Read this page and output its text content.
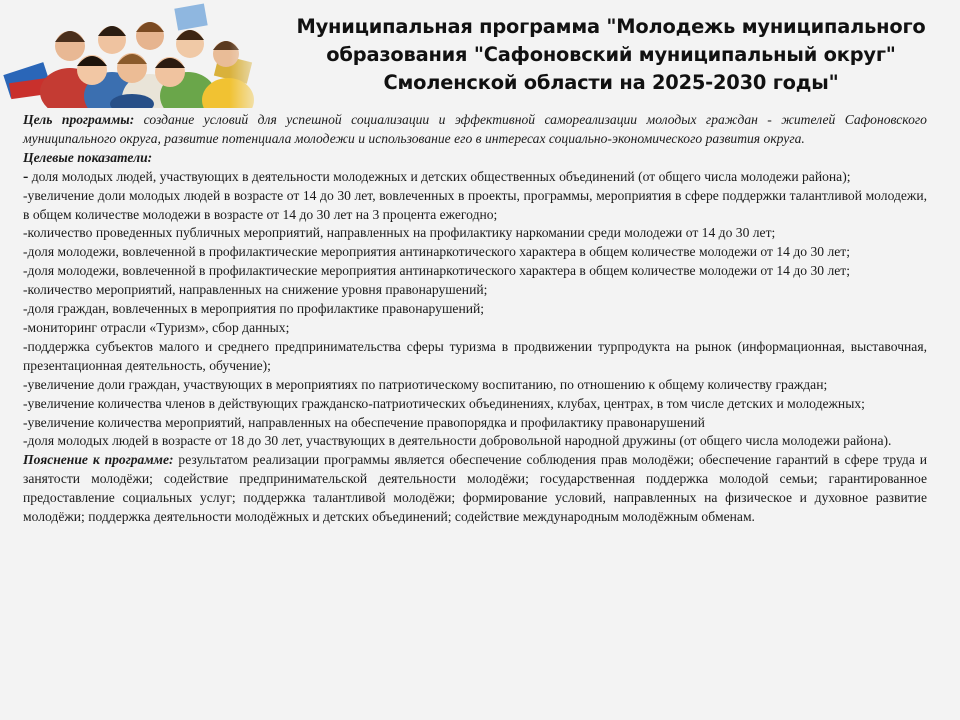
Муниципальная программа "Молодежь муниципального
образования "Сафоновский муниципальный округ"
Смоленской области на 2025-2030 годы"

Цель программы: создание условий для успешной социализации и эффективной самореализации молодых граждан - жителей Сафоновского муниципального округа, развитие потенциала молодежи и использование его в интересах социально-экономического развития округа.

Целевые показатели:

- доля молодых людей, участвующих в деятельности молодежных и детских общественных объединений (от общего числа молодежи района);

-увеличение доли молодых людей в возрасте от 14 до 30 лет, вовлеченных в проекты, программы, мероприятия в сфере поддержки талантливой молодежи, в общем количестве молодежи в возрасте от 14 до 30 лет на 3 процента ежегодно;

-количество проведенных публичных мероприятий, направленных на профилактику наркомании среди молодежи от 14 до 30 лет;

-доля молодежи, вовлеченной в профилактические мероприятия антинаркотического характера в общем количестве молодежи от 14 до 30 лет;

-доля молодежи, вовлеченной в профилактические мероприятия антинаркотического характера в общем количестве молодежи от 14 до 30 лет;

-количество мероприятий, направленных на снижение уровня правонарушений;

-доля граждан, вовлеченных в мероприятия по профилактике правонарушений;

-мониторинг отрасли «Туризм», сбор данных;

-поддержка субъектов малого и среднего предпринимательства сферы туризма в продвижении турпродукта на рынок (информационная, выставочная, презентационная деятельность, обучение);

-увеличение доли граждан, участвующих в мероприятиях по патриотическому воспитанию, по отношению к общему количеству граждан;

-увеличение количества членов в действующих гражданско-патриотических объединениях, клубах, центрах, в том числе детских и молодежных;

-увеличение количества мероприятий, направленных на обеспечение правопорядка и профилактику правонарушений

-доля молодых людей в возрасте от 18 до 30 лет, участвующих в деятельности добровольной народной дружины (от общего числа молодежи района).

Пояснение к программе: результатом реализации программы является обеспечение соблюдения прав молодёжи; обеспечение гарантий в сфере труда и занятости молодёжи; содействие предпринимательской деятельности молодёжи; государственная поддержка молодой семьи; гарантированное предоставление социальных услуг; поддержка талантливой молодёжи; формирование условий, направленных на физическое и духовное развитие молодёжи; поддержка деятельности молодёжных и детских объединений; содействие международным молодёжным обменам.
